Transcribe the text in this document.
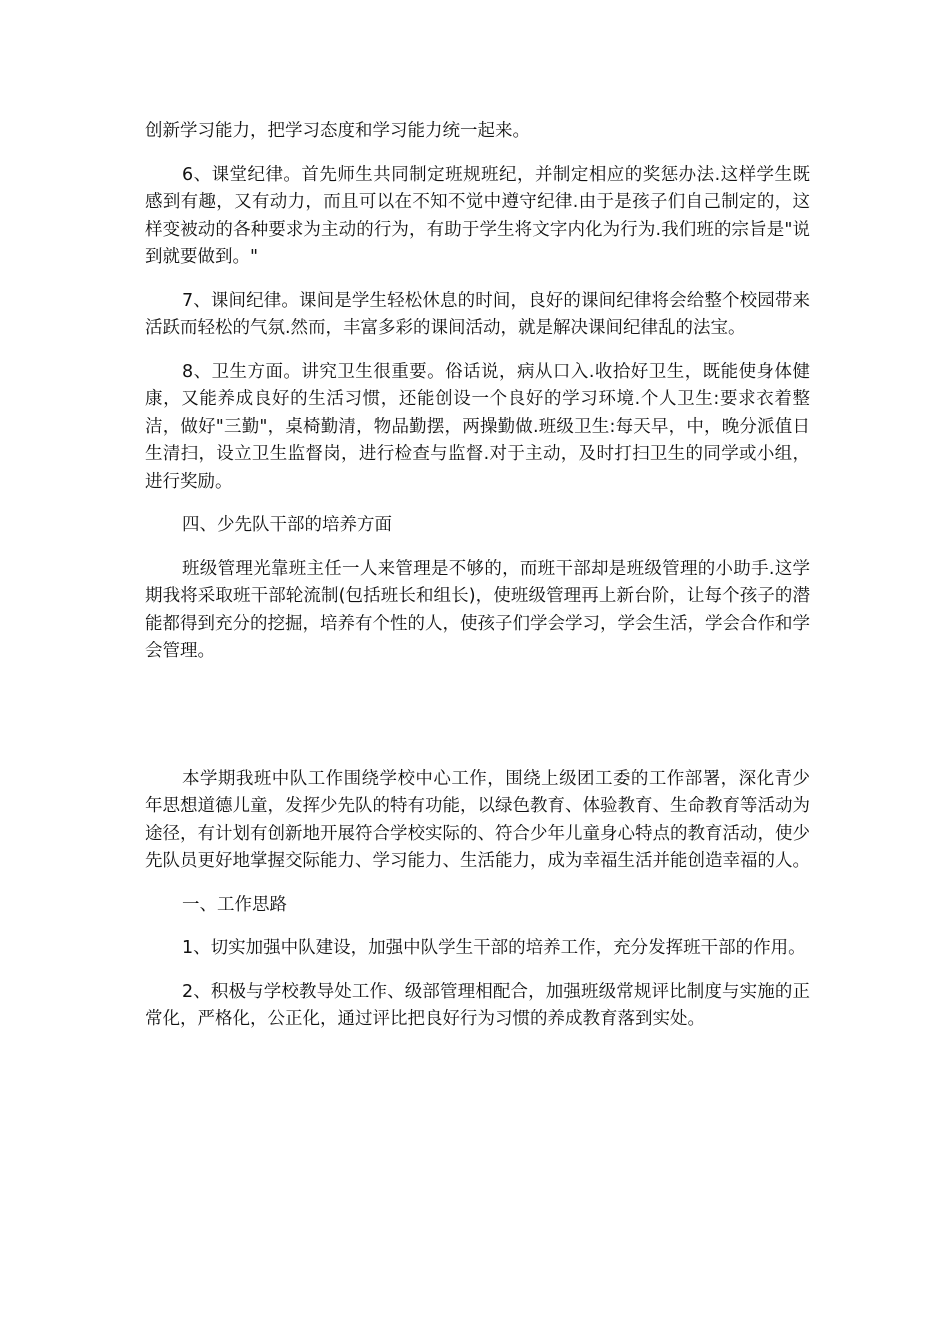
创新学习能力，把学习态度和学习能力统一起来。

6、课堂纪律。首先师生共同制定班规班纪，并制定相应的奖惩办法.这样学生既感到有趣，又有动力，而且可以在不知不觉中遵守纪律.由于是孩子们自己制定的，这样变被动的各种要求为主动的行为，有助于学生将文字内化为行为.我们班的宗旨是"说到就要做到。"

7、课间纪律。课间是学生轻松休息的时间，良好的课间纪律将会给整个校园带来活跃而轻松的气氛.然而，丰富多彩的课间活动，就是解决课间纪律乱的法宝。

8、卫生方面。讲究卫生很重要。俗话说，病从口入.收拾好卫生，既能使身体健康，又能养成良好的生活习惯，还能创设一个良好的学习环境.个人卫生:要求衣着整洁，做好"三勤"，桌椅勤清，物品勤摆，两操勤做.班级卫生:每天早，中，晚分派值日生清扫，设立卫生监督岗，进行检查与监督.对于主动，及时打扫卫生的同学或小组，进行奖励。

四、少先队干部的培养方面

班级管理光靠班主任一人来管理是不够的，而班干部却是班级管理的小助手.这学期我将采取班干部轮流制(包括班长和组长)，使班级管理再上新台阶，让每个孩子的潜能都得到充分的挖掘，培养有个性的人，使孩子们学会学习，学会生活，学会合作和学会管理。

本学期我班中队工作围绕学校中心工作，围绕上级团工委的工作部署，深化青少年思想道德儿童，发挥少先队的特有功能，以绿色教育、体验教育、生命教育等活动为途径，有计划有创新地开展符合学校实际的、符合少年儿童身心特点的教育活动，使少先队员更好地掌握交际能力、学习能力、生活能力，成为幸福生活并能创造幸福的人。

一、工作思路

1、切实加强中队建设，加强中队学生干部的培养工作，充分发挥班干部的作用。

2、积极与学校教导处工作、级部管理相配合，加强班级常规评比制度与实施的正常化，严格化，公正化，通过评比把良好行为习惯的养成教育落到实处。
